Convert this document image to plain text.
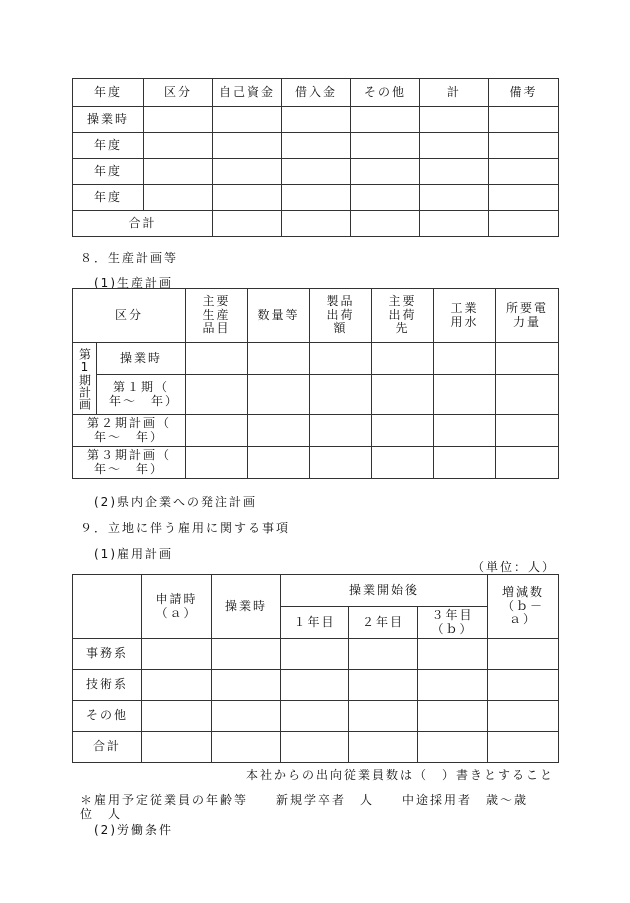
年度	区分	自己資金	借入金	その他	計	備考
操業時						
年度						
年度						
年度						
合計						
８．生産計画等
(1)生産計画
区分		主要生産品目	数量等	製品出荷額	主要出荷先	工業用水	所要電力量
第1期計画	操業時						
	第１期（　年～　年）						
第２期計画（　年～　年）							
第３期計画（　年～　年）							
(2)県内企業への発注計画
９．立地に伴う雇用に関する事項
(1)雇用計画
（単位：人）
	申請時（ａ）	操業時	操業開始後			増減数（ｂ－ａ）
			１年目	２年目	３年目（ｂ）	
事務系						
技術系						
その他						
合計						
本社からの出向従業員数は（　）書きとすること
＊雇用予定従業員の年齢等　　新規学卒者　人　　中途採用者　歳～歳位　人
(2)労働条件
